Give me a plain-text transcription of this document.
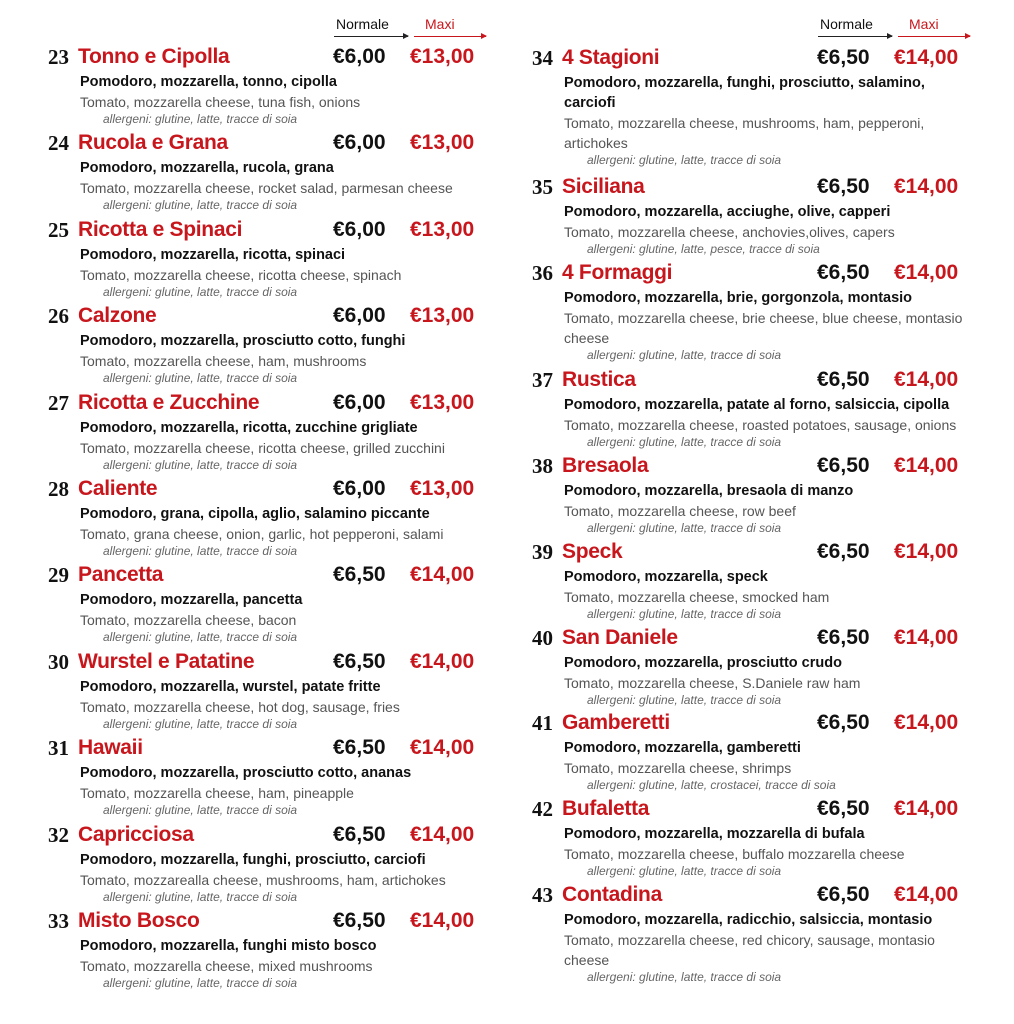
Normale	Maxi
23 Tonno e Cipolla	€6,00 €13,00
Pomodoro, mozzarella, tonno, cipolla
Tomato, mozzarella cheese, tuna fish, onions
allergeni: glutine, latte, tracce di soia
24 Rucola e Grana	€6,00 €13,00
Pomodoro, mozzarella, rucola, grana
Tomato, mozzarella cheese, rocket salad, parmesan cheese
allergeni: glutine, latte, tracce di soia
25 Ricotta e Spinaci	€6,00 €13,00
Pomodoro, mozzarella, ricotta, spinaci
Tomato, mozzarella cheese, ricotta cheese, spinach
allergeni: glutine, latte, tracce di soia
26 Calzone	€6,00 €13,00
Pomodoro, mozzarella, prosciutto cotto, funghi
Tomato, mozzarella cheese, ham, mushrooms
allergeni: glutine, latte, tracce di soia
27 Ricotta e Zucchine	€6,00 €13,00
Pomodoro, mozzarella, ricotta, zucchine grigliate
Tomato, mozzarella cheese, ricotta cheese, grilled zucchini
allergeni: glutine, latte, tracce di soia
28 Caliente	€6,00 €13,00
Pomodoro, grana, cipolla, aglio, salamino piccante
Tomato, grana cheese, onion, garlic, hot pepperoni, salami
allergeni: glutine, latte, tracce di soia
29 Pancetta	€6,50 €14,00
Pomodoro, mozzarella, pancetta
Tomato, mozzarella cheese, bacon
allergeni: glutine, latte, tracce di soia
30 Wurstel e Patatine	€6,50 €14,00
Pomodoro, mozzarella, wurstel, patate fritte
Tomato, mozzarella cheese, hot dog, sausage, fries
allergeni: glutine, latte, tracce di soia
31 Hawaii	€6,50 €14,00
Pomodoro, mozzarella, prosciutto cotto, ananas
Tomato, mozzarella cheese, ham, pineapple
allergeni: glutine, latte, tracce di soia
32 Capricciosa	€6,50 €14,00
Pomodoro, mozzarella, funghi, prosciutto, carciofi
Tomato, mozzarealla cheese, mushrooms, ham, artichokes
allergeni: glutine, latte, tracce di soia
33 Misto Bosco	€6,50 €14,00
Pomodoro, mozzarella, funghi misto bosco
Tomato, mozzarella cheese, mixed mushrooms
allergeni: glutine, latte, tracce di soia
Normale	Maxi
34 4 Stagioni	€6,50 €14,00
Pomodoro, mozzarella, funghi, prosciutto, salamino, carciofi
Tomato, mozzarella cheese, mushrooms, ham, pepperoni, artichokes
allergeni: glutine, latte, tracce di soia
35 Siciliana	€6,50 €14,00
Pomodoro, mozzarella, acciughe, olive, capperi
Tomato, mozzarella cheese, anchovies,olives, capers
allergeni: glutine, latte, pesce, tracce di soia
36 4 Formaggi	€6,50 €14,00
Pomodoro, mozzarella, brie, gorgonzola, montasio
Tomato, mozzarella cheese, brie cheese, blue cheese, montasio cheese
allergeni: glutine, latte, tracce di soia
37 Rustica	€6,50 €14,00
Pomodoro, mozzarella, patate al forno, salsiccia, cipolla
Tomato, mozzarella cheese, roasted potatoes, sausage, onions
allergeni: glutine, latte, tracce di soia
38 Bresaola	€6,50 €14,00
Pomodoro, mozzarella, bresaola di manzo
Tomato, mozzarella cheese, row beef
allergeni: glutine, latte, tracce di soia
39 Speck	€6,50 €14,00
Pomodoro, mozzarella, speck
Tomato, mozzarella cheese, smocked ham
allergeni: glutine, latte, tracce di soia
40 San Daniele	€6,50 €14,00
Pomodoro, mozzarella, prosciutto crudo
Tomato, mozzarella cheese, S.Daniele raw ham
allergeni: glutine, latte, tracce di soia
41 Gamberetti	€6,50 €14,00
Pomodoro, mozzarella, gamberetti
Tomato, mozzarella cheese, shrimps
allergeni: glutine, latte, crostacei, tracce di soia
42 Bufaletta	€6,50 €14,00
Pomodoro, mozzarella, mozzarella di bufala
Tomato, mozzarella cheese, buffalo mozzarella cheese
allergeni: glutine, latte, tracce di soia
43 Contadina	€6,50 €14,00
Pomodoro, mozzarella, radicchio, salsiccia, montasio
Tomato, mozzarella cheese, red chicory, sausage, montasio cheese
allergeni: glutine, latte, tracce di soia
